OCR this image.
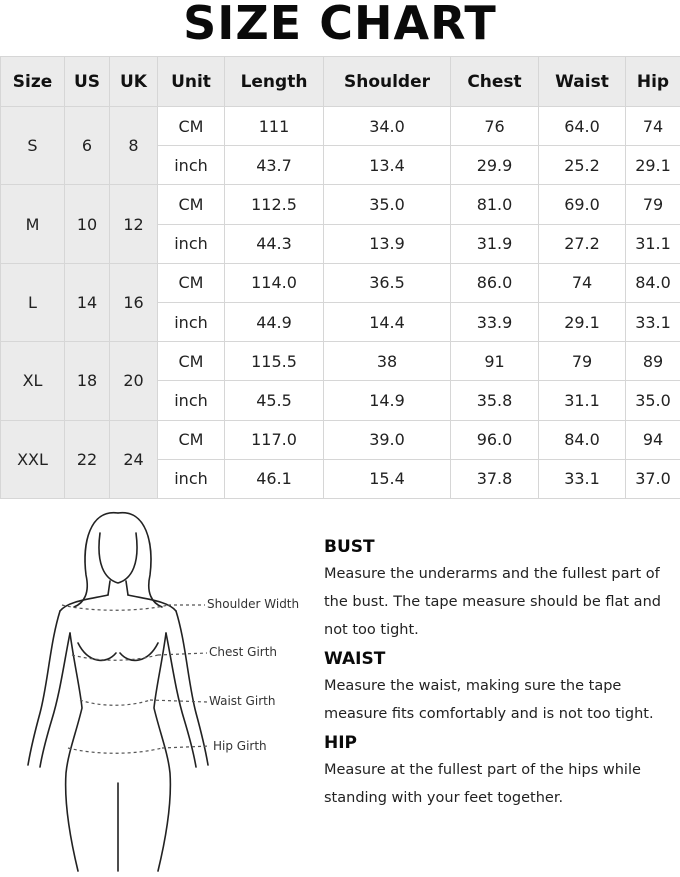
SIZE CHART
Size	US	UK	Unit	Length	Shoulder	Chest	Waist	Hip
S	6	8	CM	111	34.0	76	64.0	74
			inch	43.7	13.4	29.9	25.2	29.1
M	10	12	CM	112.5	35.0	81.0	69.0	79
			inch	44.3	13.9	31.9	27.2	31.1
L	14	16	CM	114.0	36.5	86.0	74	84.0
			inch	44.9	14.4	33.9	29.1	33.1
XL	18	20	CM	115.5	38	91	79	89
			inch	45.5	14.9	35.8	31.1	35.0
XXL	22	24	CM	117.0	39.0	96.0	84.0	94
			inch	46.1	15.4	37.8	33.1	37.0
Shoulder Width
Chest Girth
Waist Girth
Hip Girth
BUST

Measure the underarms and the fullest part of the bust. The tape measure should be flat and not too tight.

WAIST

Measure the waist, making sure the tape measure fits comfortably and is not too tight.

HIP

Measure at the fullest part of the hips while standing with your feet together.
